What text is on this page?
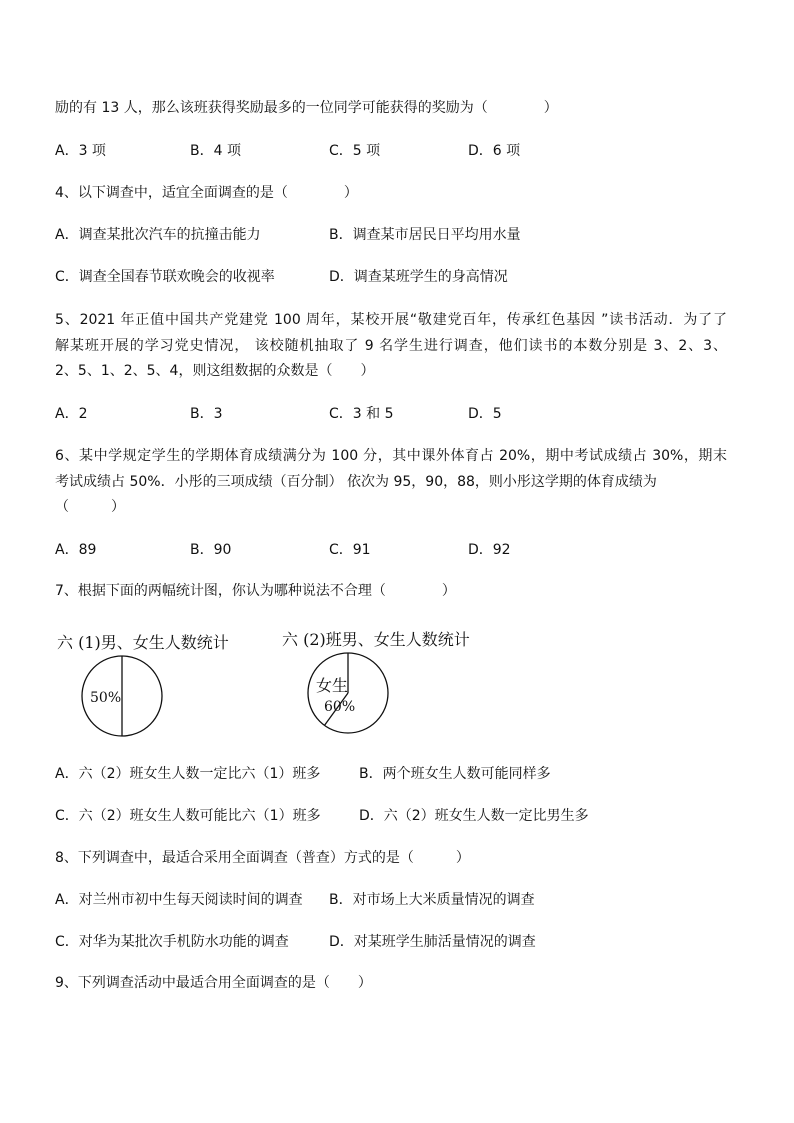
励的有 13 人，那么该班获得奖励最多的一位同学可能获得的奖励为（　　　　）
A．3 项	B．4 项	C．5 项	D．6 项
4、以下调查中，适宜全面调查的是（　　　　）
A．调查某批次汽车的抗撞击能力	B．调查某市居民日平均用水量
C．调查全国春节联欢晚会的收视率	D．调查某班学生的身高情况
5、2021 年正值中国共产党建党 100 周年，某校开展“敬建党百年，传承红色基因 ”读书活动．为了了
解某班开展的学习党史情况， 该校随机抽取了 9 名学生进行调查，他们读书的本数分别是 3、2、3、
2、5、1、2、5、4，则这组数据的众数是（　　）
A．2	B．3	C．3 和 5	D．5
6、某中学规定学生的学期体育成绩满分为 100 分，其中课外体育占 20%，期中考试成绩占 30%，期末
考试成绩占 50%．小彤的三项成绩（百分制） 依次为 95，90，88，则小彤这学期的体育成绩为
（　　　）
A．89	B．90	C．91	D．92
7、根据下面的两幅统计图，你认为哪种说法不合理（　　　　）
六 (1)男、女生人数统计
50%
六 (2)班男、女生人数统计
女生
60%
A．六（2）班女生人数一定比六（1）班多	B．两个班女生人数可能同样多
C．六（2）班女生人数可能比六（1）班多	D．六（2）班女生人数一定比男生多
8、下列调查中，最适合采用全面调查（普查）方式的是（　　　）
A．对兰州市初中生每天阅读时间的调查 B．对市场上大米质量情况的调查
C．对华为某批次手机防水功能的调查	D．对某班学生肺活量情况的调查
9、下列调查活动中最适合用全面调查的是（　　）
